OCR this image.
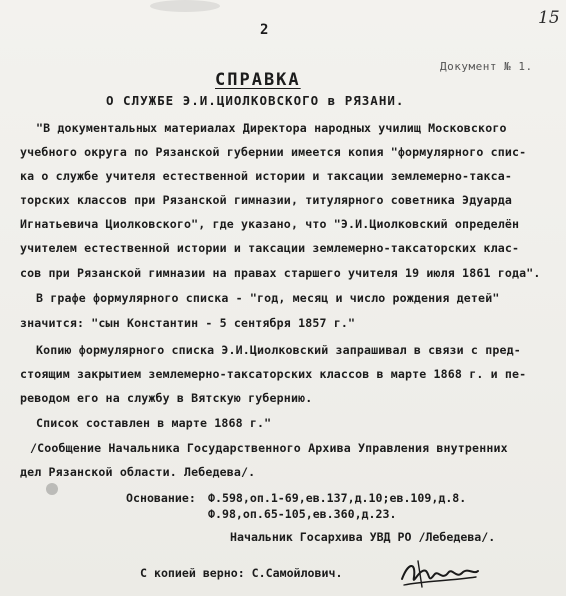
2
15
Документ № 1.
СПРАВКА
О СЛУЖБЕ Э.И.ЦИОЛКОВСКОГО в РЯЗАНИ.
"В документальных материалах Директора народных училищ Московского
учебного округа по Рязанской губернии имеется копия "формулярного спис-
ка о службе учителя естественной истории и таксации землемерно-такса-
торских классов при Рязанской гимназии, титулярного советника Эдуарда
Игнатьевича Циолковского", где указано, что "Э.И.Циолковский определён
учителем естественной истории и таксации землемерно-таксаторских клас-
сов при Рязанской гимназии на правах старшего учителя 19 июля 1861 года".
В графе формулярного списка - "год, месяц и число рождения детей"
значится: "сын Константин - 5 сентября 1857 г."
Копию формулярного списка Э.И.Циолковский запрашивал в связи с пред-
стоящим закрытием землемерно-таксаторских классов в марте 1868 г. и пе-
реводом его на службу в Вятскую губернию.
Список составлен в марте 1868 г."
/Сообщение Начальника Государственного Архива Управления внутренних
дел Рязанской области. Лебедева/.
Основание: Ф.598,оп.1-69,ев.137,д.10;ев.109,д.8.
Ф.98,оп.65-105,ев.360,д.23.
Начальник Госархива УВД РО /Лебедева/.
С копией верно: С.Самойлович.
